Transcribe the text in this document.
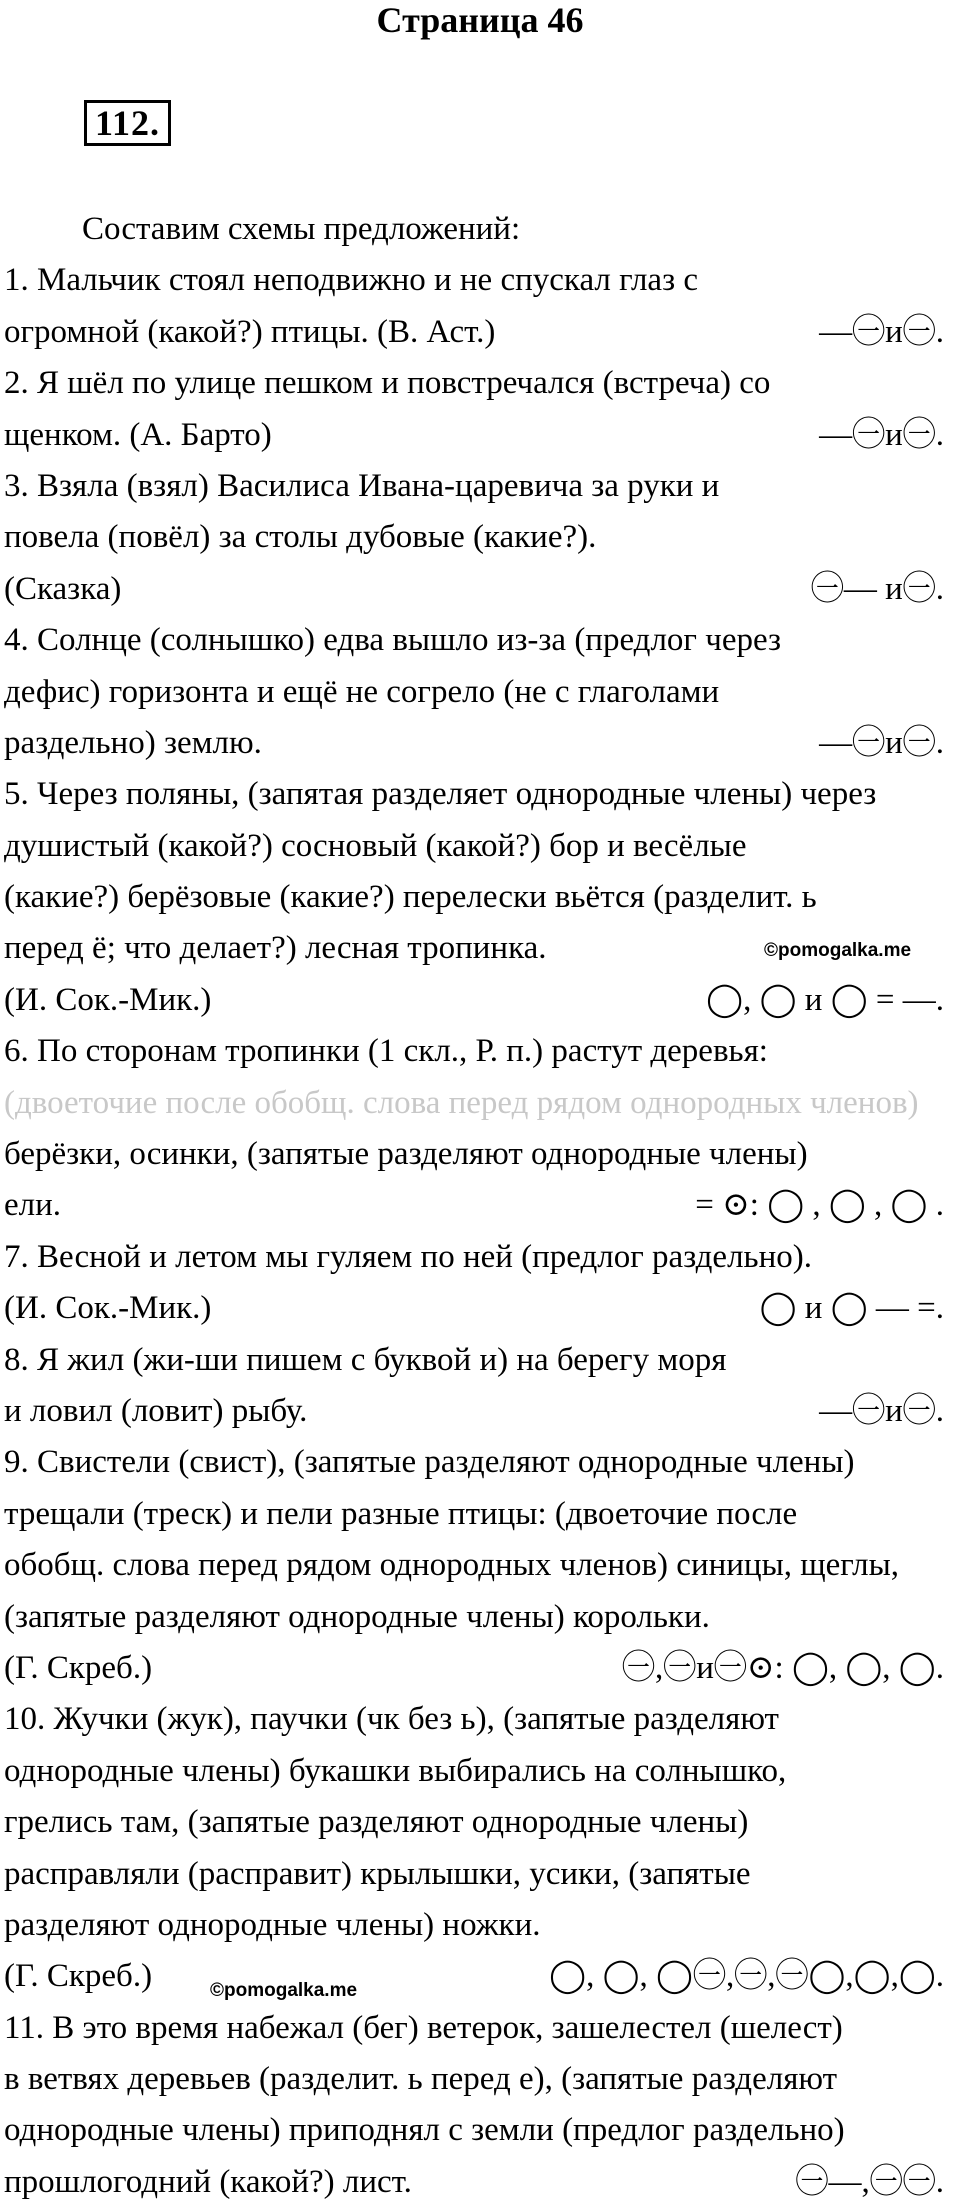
Страница 46
112.
Составим схемы предложений:
1. Мальчик стоял неподвижно и не спускал глаз с
огромной (какой?) птицы. (В. Аст.)	—㊀и㊀.
2. Я шёл по улице пешком и повстречался (встреча) со
щенком. (А. Барто)	—㊀и㊀.
3. Взяла (взял) Василиса Ивана-царевича за руки и
повела (повёл) за столы дубовые (какие?).
(Сказка)	㊀— и㊀.
4. Солнце (солнышко) едва вышло из-за (предлог через
дефис) горизонта и ещё не согрело (не с глаголами
раздельно) землю.	—㊀и㊀.
5. Через поляны, (запятая разделяет однородные члены) через
душистый (какой?) сосновый (какой?) бор и весёлые
(какие?) берёзовые (какие?) перелески вьётся (разделит. ь
перед ё; что делает?) лесная тропинка.	©pomogalka.me
(И. Сок.-Мик.)	◯, ◯ и ◯ = —.
6. По сторонам тропинки (1 скл., Р. п.) растут деревья:
(двоеточие после обобщ. слова перед рядом однородных членов)
берёзки, осинки, (запятые разделяют однородные члены)
ели.	= ⊙: ◯ , ◯ , ◯ .
7. Весной и летом мы гуляем по ней (предлог раздельно).
(И. Сок.-Мик.)	◯ и ◯ — =.
8. Я жил (жи-ши пишем с буквой и) на берегу моря
и ловил (ловит) рыбу.	—㊀и㊀.
9. Свистели (свист), (запятые разделяют однородные члены)
трещали (треск) и пели разные птицы: (двоеточие после
обобщ. слова перед рядом однородных членов) синицы, щеглы,
(запятые разделяют однородные члены) корольки.
(Г. Скреб.)	㊀,㊀и㊀⊙: ◯, ◯, ◯.
10. Жучки (жук), паучки (чк без ь), (запятые разделяют
однородные члены) букашки выбирались на солнышко,
грелись там, (запятые разделяют однородные члены)
расправляли (расправит) крылышки, усики, (запятые
разделяют однородные члены) ножки.
(Г. Скреб.)	©pomogalka.me	◯, ◯, ◯㊀,㊀,㊀◯,◯,◯.
11. В это время набежал (бег) ветерок, зашелестел (шелест)
в ветвях деревьев (разделит. ь перед е), (запятые разделяют
однородные члены) приподнял с земли (предлог раздельно)
прошлогодний (какой?) лист.	㊀—,㊀㊀.
